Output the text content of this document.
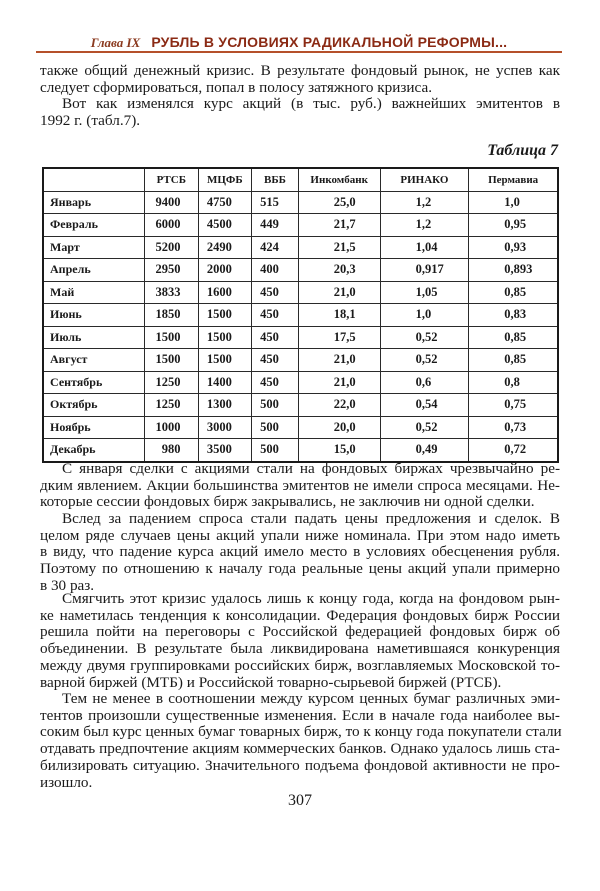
Глава IX РУБЛЬ В УСЛОВИЯХ РАДИКАЛЬНОЙ РЕФОРМЫ...
также общий денежный кризис. В результате фондовый рынок, не успев как
следует сформироваться, попал в полосу затяжного кризиса.
Вот как изменялся курс акций (в тыс. руб.) важнейших эмитентов в
1992 г. (табл.7).
Таблица 7
	РТСБ	МЦФБ	ВББ	Инкомбанк	РИНАКО	Пермавиа
Январь	9400	4750	515	25,0	1,2	1,0
Февраль	6000	4500	449	21,7	1,2	0,95
Март	5200	2490	424	21,5	1,04	0,93
Апрель	2950	2000	400	20,3	0,917	0,893
Май	3833	1600	450	21,0	1,05	0,85
Июнь	1850	1500	450	18,1	1,0	0,83
Июль	1500	1500	450	17,5	0,52	0,85
Август	1500	1500	450	21,0	0,52	0,85
Сентябрь	1250	1400	450	21,0	0,6	0,8
Октябрь	1250	1300	500	22,0	0,54	0,75
Ноябрь	1000	3000	500	20,0	0,52	0,73
Декабрь	980	3500	500	15,0	0,49	0,72
С января сделки с акциями стали на фондовых биржах чрезвычайно ре-
дким явлением. Акции большинства эмитентов не имели спроса месяцами. Не-
которые сессии фондовых бирж закрывались, не заключив ни одной сделки.
Вслед за падением спроса стали падать цены предложения и сделок. В
целом ряде случаев цены акций упали ниже номинала. При этом надо иметь
в виду, что падение курса акций имело место в условиях обесценения рубля.
Поэтому по отношению к началу года реальные цены акций упали примерно
в 30 раз.
Смягчить этот кризис удалось лишь к концу года, когда на фондовом рын-
ке наметилась тенденция к консолидации. Федерация фондовых бирж России
решила пойти на переговоры с Российской федерацией фондовых бирж об
объединении. В результате была ликвидирована наметившаяся конкуренция
между двумя группировками российских бирж, возглавляемых Московской то-
варной биржей (МТБ) и Российской товарно-сырьевой биржей (РТСБ).
Тем не менее в соотношении между курсом ценных бумаг различных эми-
тентов произошли существенные изменения. Если в начале года наиболее вы-
соким был курс ценных бумаг товарных бирж, то к концу года покупатели стали
отдавать предпочтение акциям коммерческих банков. Однако удалось лишь ста-
билизировать ситуацию. Значительного подъема фондовой активности не про-
изошло.
307
